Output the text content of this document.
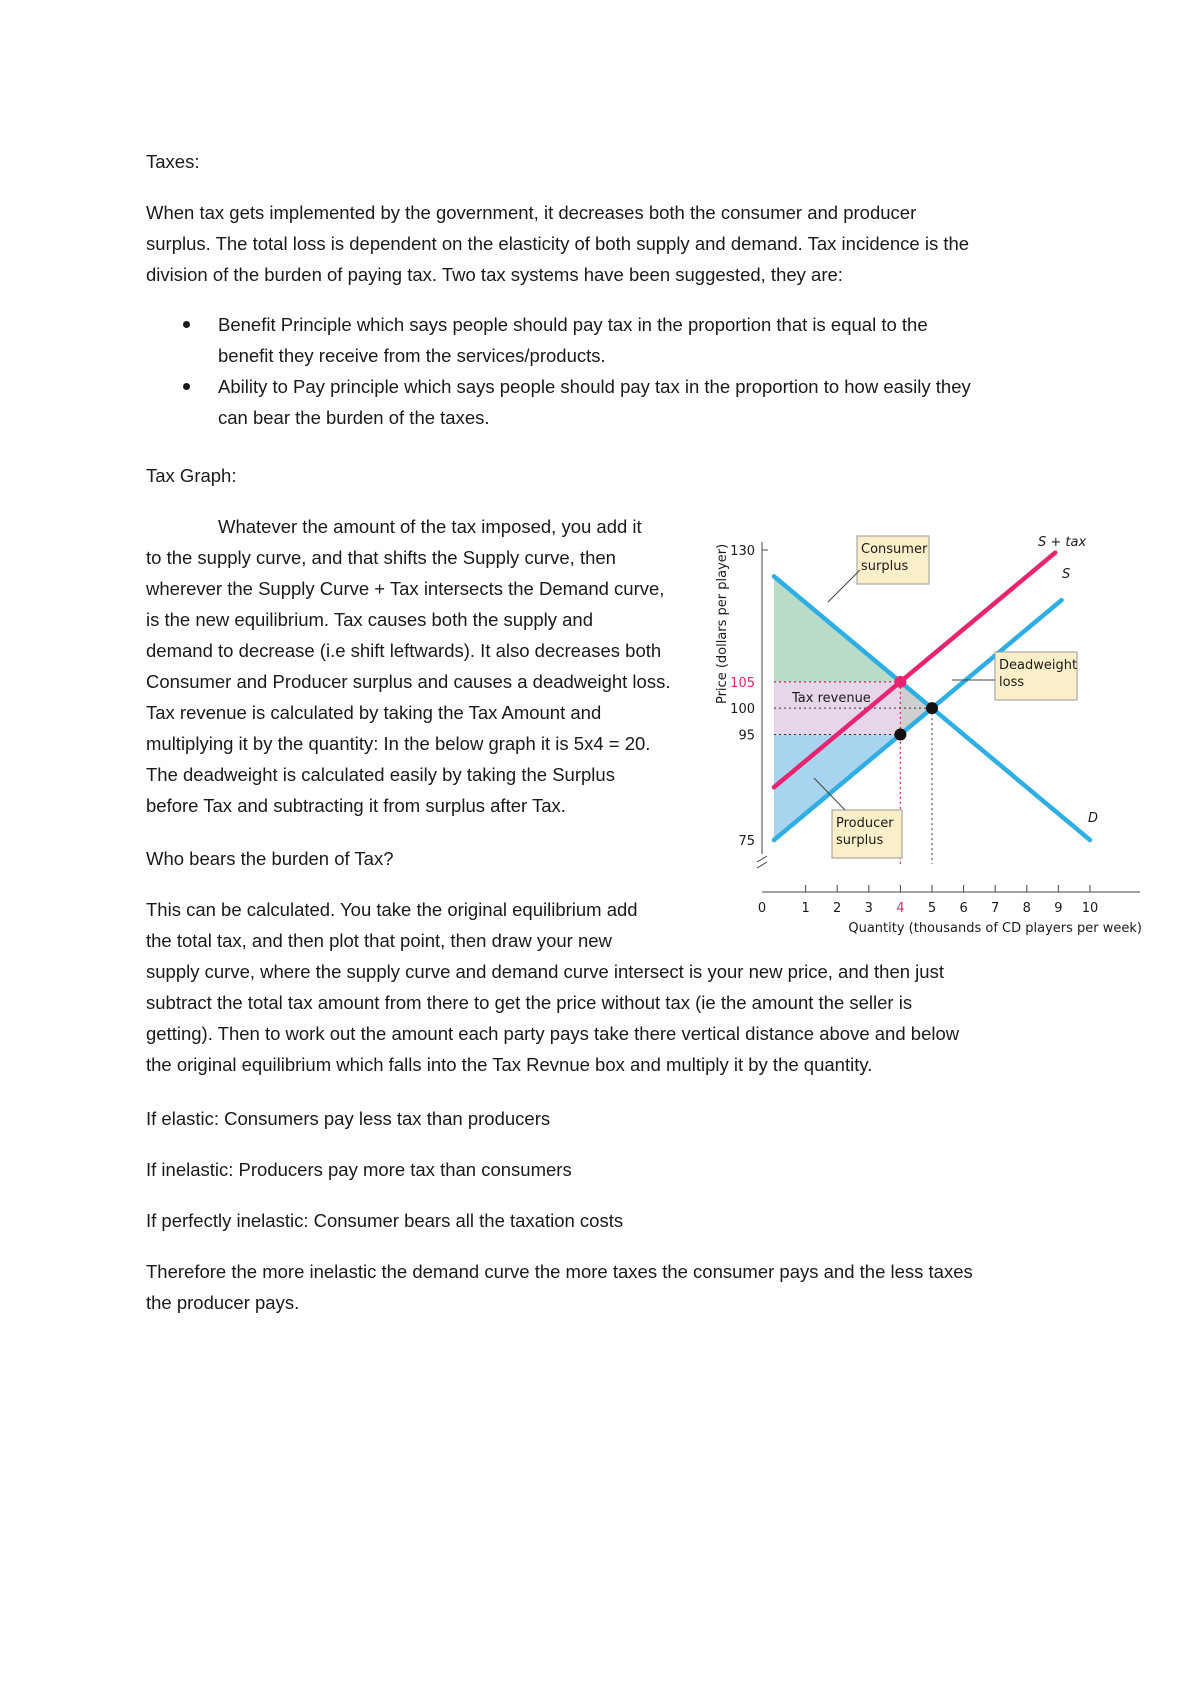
Taxes:
When tax gets implemented by the government, it decreases both the consumer and producer
surplus. The total loss is dependent on the elasticity of both supply and demand. Tax incidence is the
division of the burden of paying tax. Two tax systems have been suggested, they are:
Benefit Principle which says people should pay tax in the proportion that is equal to the
benefit they receive from the services/products.
Ability to Pay principle which says people should pay tax in the proportion to how easily they
can bear the burden of the taxes.
Tax Graph:
Whatever the amount of the tax imposed, you add it
to the supply curve, and that shifts the Supply curve, then
wherever the Supply Curve + Tax intersects the Demand curve,
is the new equilibrium. Tax causes both the supply and
demand to decrease (i.e shift leftwards). It also decreases both
Consumer and Producer surplus and causes a deadweight loss.
Tax revenue is calculated by taking the Tax Amount and
multiplying it by the quantity: In the below graph it is 5x4 = 20.
The deadweight is calculated easily by taking the Surplus
before Tax and subtracting it from surplus after Tax.
Who bears the burden of Tax?
This can be calculated. You take the original equilibrium add
the total tax, and then plot that point, then draw your new
supply curve, where the supply curve and demand curve intersect is your new price, and then just
subtract the total tax amount from there to get the price without tax (ie the amount the seller is
getting). Then to work out the amount each party pays take there vertical distance above and below
the original equilibrium which falls into the Tax Revnue box and multiply it by the quantity.
If elastic: Consumers pay less tax than producers
If inelastic: Producers pay more tax than consumers
If perfectly inelastic: Consumer bears all the taxation costs
Therefore the more inelastic the demand curve the more taxes the consumer pays and the less taxes
the producer pays.
75
95
100
105
130
0	1 2 3 4 5 6 7 8 9 10
Quantity (thousands of CD players per week)
Price (dollars per player)	Consumer
surplus
Producer
surplus
Deadweight
loss
Tax revenue
S + tax
S
D
